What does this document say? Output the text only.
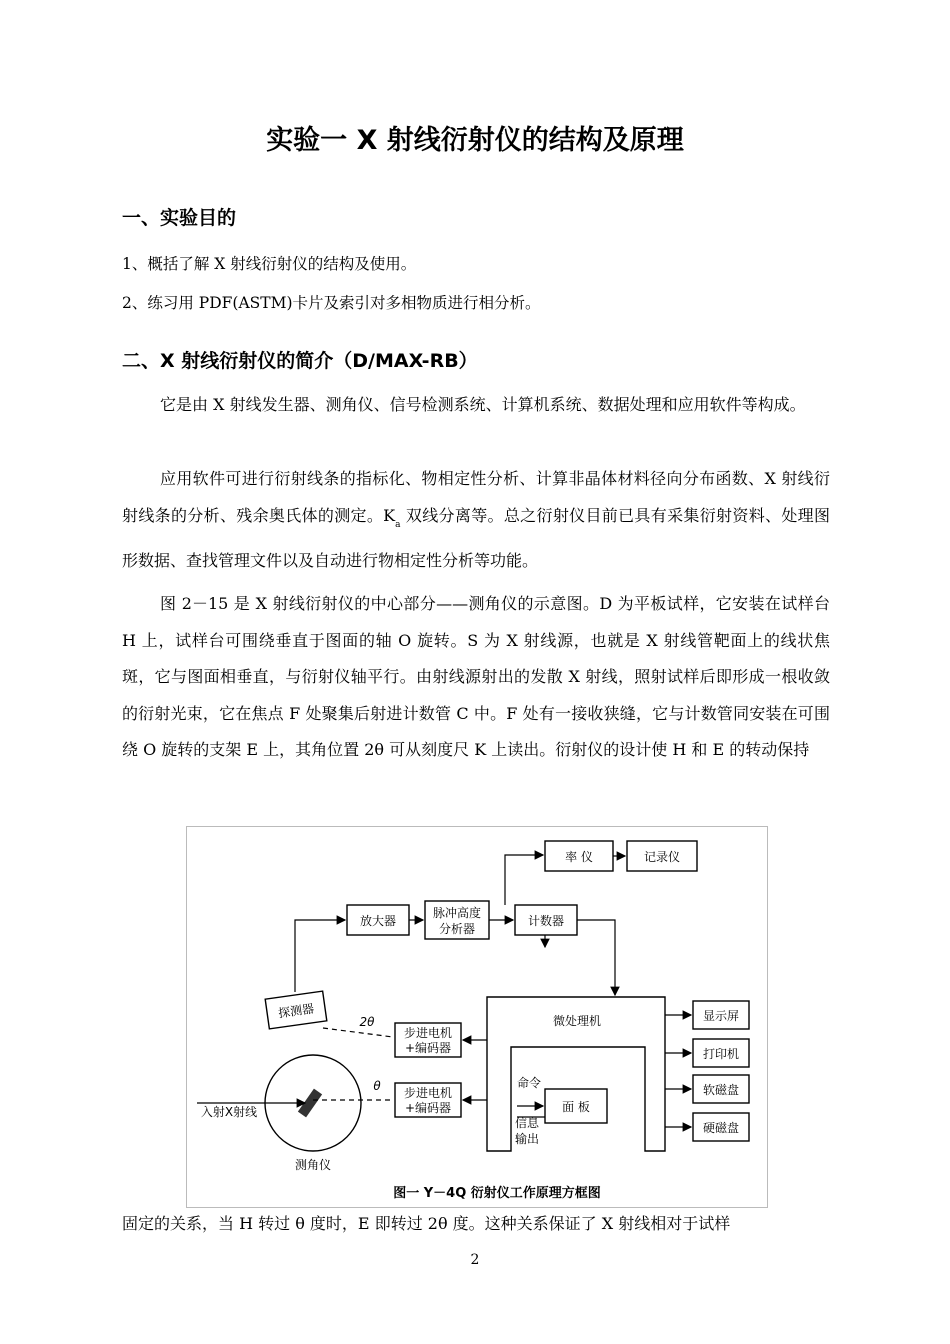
实验一 X 射线衍射仪的结构及原理
一、实验目的
1、概括了解 X 射线衍射仪的结构及使用。
2、练习用 PDF(ASTM)卡片及索引对多相物质进行相分析。
二、X 射线衍射仪的简介（D/MAX-RB）
它是由 X 射线发生器、测角仪、信号检测系统、计算机系统、数据处理和应用软件等构成。
应用软件可进行衍射线条的指标化、物相定性分析、计算非晶体材料径向分布函数、X 射线衍射线条的分析、残余奥氏体的测定。$K_a$ 双线分离等。总之衍射仪目前已具有采集衍射资料、处理图形数据、查找管理文件以及自动进行物相定性分析等功能。
图 2－15 是 X 射线衍射仪的中心部分——测角仪的示意图。D 为平板试样，它安装在试样台 H 上，试样台可围绕垂直于图面的轴 O 旋转。S 为 X 射线源，也就是 X 射线管靶面上的线状焦斑，它与图面相垂直，与衍射仪轴平行。由射线源射出的发散 X 射线，照射试样后即形成一根收敛的衍射光束，它在焦点 F 处聚集后射进计数管 C 中。F 处有一接收狭缝，它与计数管同安装在可围绕 O 旋转的支架 E 上，其角位置 2θ 可从刻度尺 K 上读出。衍射仪的设计使 H 和 E 的转动保持
率 仪	记录仪
放大器
脉冲高度
分析器
计数器
探测器
步进电机
+编码器
步进电机
+编码器
微处理机
面 板
显示屏
打印机
软磁盘
硬磁盘
2θ
θ
入射X射线
测角仪
命令
信息
输出
图一 Y－4Q 衍射仪工作原理方框图
固定的关系，当 H 转过 θ 度时，E 即转过 2θ 度。这种关系保证了 X 射线相对于试样
2
